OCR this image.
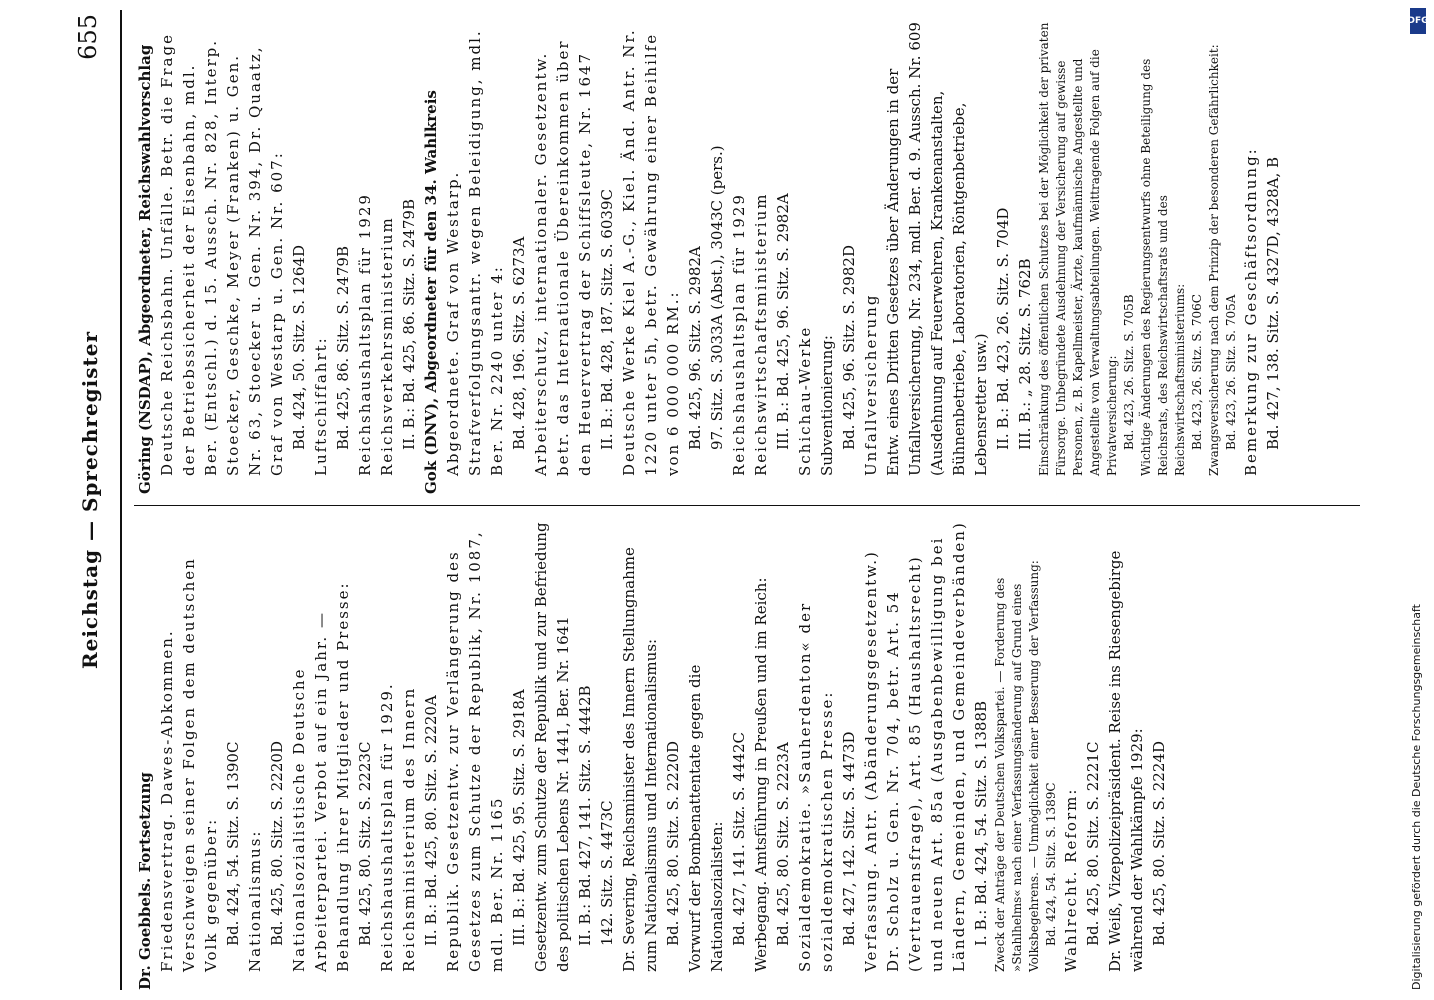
Reichstag — Sprechregister
655
Dr. Goebbels. Fortsetzung Friedensvertrag. Dawes-Abkommen. Verschweigen seiner Folgen dem deutschen Volk gegenüber: Bd. 424, 54. Sitz. S. 1390C Nationalismus: Bd. 425, 80. Sitz. S. 2220D Nationalsozialistische Deutsche Arbeiterpartei. Verbot auf ein Jahr. — Behandlung ihrer Mitglieder und Presse: Bd. 425, 80. Sitz. S. 2223C Reichshaushaltsplan für 1929. Reichsministerium des Innern II. B.: Bd. 425, 80. Sitz. S. 2220A Republik. Gesetzentw. zur Verlängerung des Gesetzes zum Schutze der Republik, Nr. 1087, mdl. Ber. Nr. 1165 III. B.: Bd. 425, 95. Sitz. S. 2918A Gesetzentw. zum Schutze der Republik und zur Befriedung des politischen Lebens Nr. 1441, Ber. Nr. 1641 II. B.: Bd. 427, 141. Sitz. S. 4442B 142. Sitz. S. 4473C Dr. Severing, Reichsminister des Innern Stellungnahme zum Nationalismus und Internationalismus: Bd. 425, 80. Sitz. S. 2220D Vorwurf der Bombenattentate gegen die Nationalsozialisten: Bd. 427, 141. Sitz. S. 4442C Werbegang. Amtsführung in Preußen und im Reich: Bd. 425, 80. Sitz. S. 2223A Sozialdemokratie. »Sauherdenton« der sozialdemokratischen Presse: Bd. 427, 142. Sitz. S. 4473D Verfassung. Antr. (Abänderungsgesetzentw.) Dr. Scholz u. Gen. Nr. 704, betr. Art. 54 (Vertrauensfrage), Art. 85 (Haushaltsrecht) und neuen Art. 85a (Ausgabenbewilligung bei Ländern, Gemeinden, und Gemeindeverbänden) I. B.: Bd. 424, 54. Sitz. S. 1388B Zweck der Anträge der Deutschen Volkspartei. — Forderung des »Stahlhelms« nach einer Verfassungsänderung auf Grund eines Volksbegehrens. — Unmöglichkeit einer Besserung der Verfassung: Bd. 424, 54. Sitz. S. 1389C Wahlrecht. Reform: Bd. 425, 80. Sitz. S. 2221C Dr. Weiß, Vizepolizeipräsident. Reise ins Riesengebirge während der Wahlkämpfe 1929: Bd. 425, 80. Sitz. S. 2224D
Göring (NSDAP), Abgeordneter, Reichswahlvorschlag Deutsche Reichsbahn. Unfälle. Betr. die Frage der Betriebssicherheit der Eisenbahn, mdl. Ber. (Entschl.) d. 15. Aussch. Nr. 828, Interp. Stoecker, Geschke, Meyer (Franken) u. Gen. Nr. 63, Stoecker u. Gen. Nr. 394, Dr. Quaatz, Graf von Westarp u. Gen. Nr. 607: Bd. 424, 50. Sitz. S. 1264D Luftschiffahrt: Bd. 425, 86. Sitz. S. 2479B Reichshaushaltsplan für 1929 Reichsverkehrsministerium II. B.: Bd. 425, 86. Sitz. S. 2479B Gok (DNV), Abgeordneter für den 34. Wahlkreis Abgeordnete. Graf von Westarp. Strafverfolgungsantr. wegen Beleidigung, mdl. Ber. Nr. 2240 unter 4: Bd. 428, 196. Sitz. S. 6273A Arbeiterschutz, internationaler. Gesetzentw. betr. das Internationale Übereinkommen über den Heuervertrag der Schiffsleute, Nr. 1647 II. B.: Bd. 428, 187. Sitz. S. 6039C Deutsche Werke Kiel A.-G., Kiel. Änd. Antr. Nr. 1220 unter 5h, betr. Gewährung einer Beihilfe von 6 000 000 RM.: Bd. 425, 96. Sitz. S. 2982A 97. Sitz. S. 3033A (Abst.), 3043C (pers.) Reichshaushaltsplan für 1929 Reichswirtschaftsministerium III. B.: Bd. 425, 96. Sitz. S. 2982A Schichau-Werke Subventionierung: Bd. 425, 96. Sitz. S. 2982D Unfallversicherung Entw. eines Dritten Gesetzes über Änderungen in der Unfallversicherung, Nr. 234, mdl. Ber. d. 9. Aussch. Nr. 609 (Ausdehnung auf Feuerwehren, Krankenanstalten, Bühnenbetriebe, Laboratorien, Röntgenbetriebe, Lebensretter usw.) II. B.: Bd. 423, 26. Sitz. S. 704D III. B.: „ 28. Sitz. S. 762B Einschränkung des öffentlichen Schutzes bei der Möglichkeit der privaten Fürsorge. Unbegründete Ausdehnung der Versicherung auf gewisse Personen, z. B. Kapellmeister, Ärzte, kaufmännische Angestellte und Angestellte von Verwaltungsabteilungen. Weittragende Folgen auf die Privatversicherung: Bd. 423, 26. Sitz. S. 705B Wichtige Änderungen des Regierungsentwurfs ohne Beteiligung des Reichsrats, des Reichswirtschaftsrats und des Reichswirtschaftsministeriums: Bd. 423, 26. Sitz. S. 706C Zwangsversicherung nach dem Prinzip der besonderen Gefährlichkeit: Bd. 423, 26. Sitz. S. 705A Bemerkung zur Geschäftsordnung: Bd. 427, 138. Sitz. S. 4327D, 4328A, B
DFG
Digitalisierung gefördert durch die Deutsche Forschungsgemeinschaft
